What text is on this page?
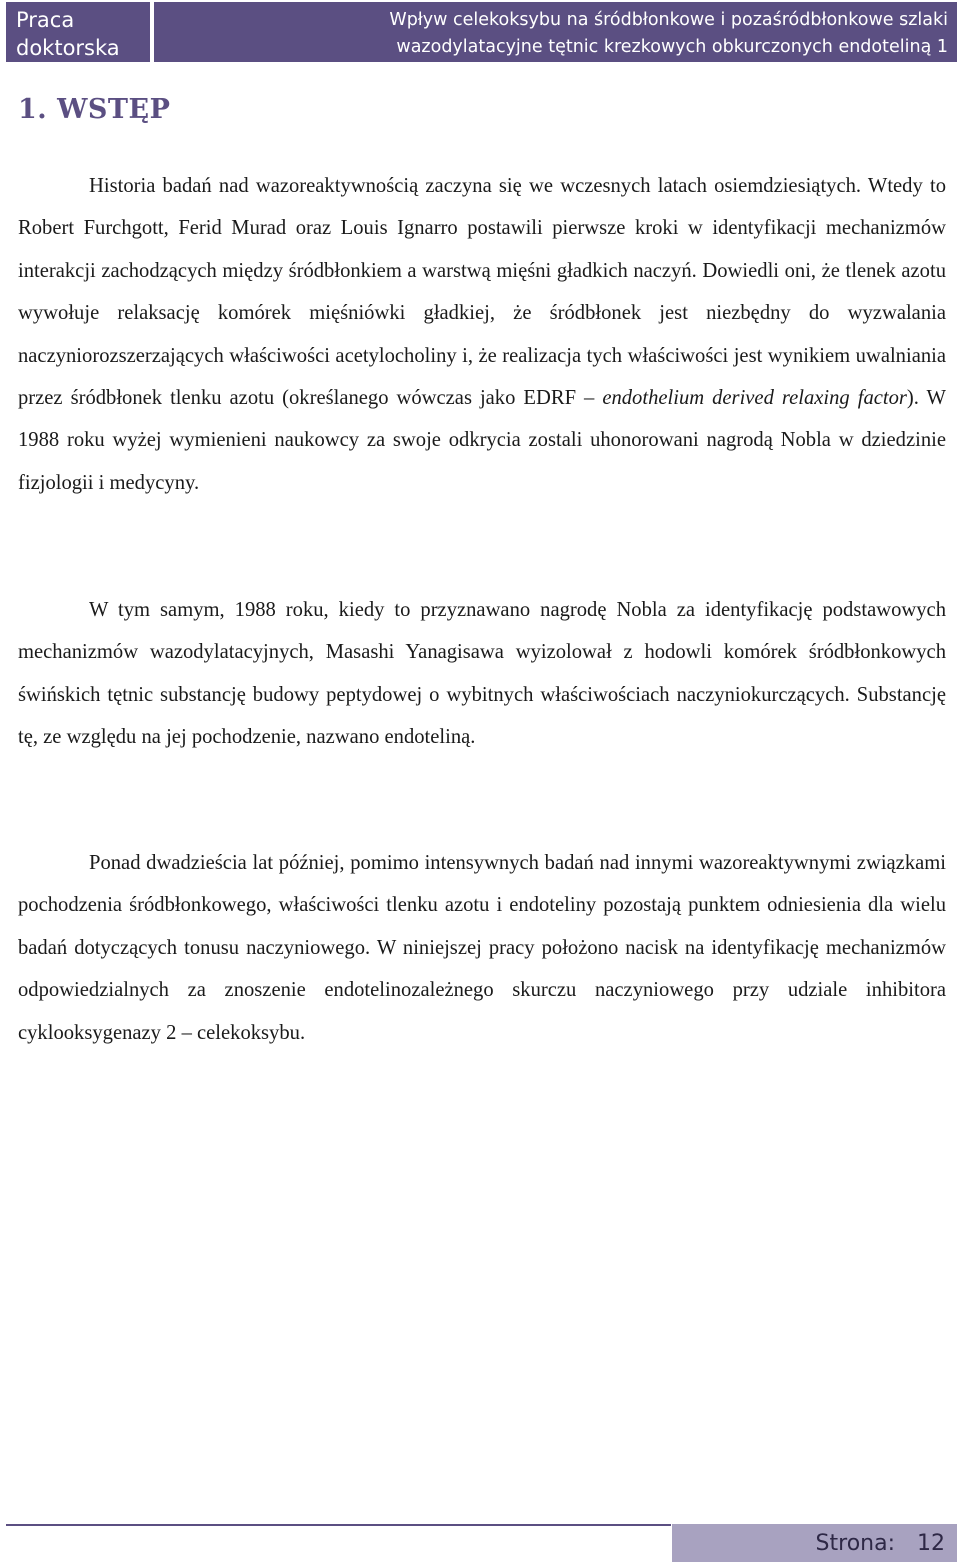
Praca
doktorska
Wpływ celekoksybu na śródbłonkowe i pozaśródbłonkowe szlaki
wazodylatacyjne tętnic krezkowych obkurczonych endoteliną 1
1. WSTĘP

Historia badań nad wazoreaktywnością zaczyna się we wczesnych latach osiemdziesiątych. Wtedy to Robert Furchgott, Ferid Murad oraz Louis Ignarro postawili pierwsze kroki w identyfikacji mechanizmów interakcji zachodzących między śródbłonkiem a warstwą mięśni gładkich naczyń. Dowiedli oni, że tlenek azotu wywołuje relaksację komórek mięśniówki gładkiej, że śródbłonek jest niezbędny do wyzwalania naczyniorozszerzających właściwości acetylocholiny i, że realizacja tych właściwości jest wynikiem uwalniania przez śródbłonek tlenku azotu (określanego wówczas jako EDRF – endothelium derived relaxing factor). W 1988 roku wyżej wymienieni naukowcy za swoje odkrycia zostali uhonorowani nagrodą Nobla w dziedzinie fizjologii i medycyny.

W tym samym, 1988 roku, kiedy to przyznawano nagrodę Nobla za identyfikację podstawowych mechanizmów wazodylatacyjnych, Masashi Yanagisawa wyizolował z hodowli komórek śródbłonkowych świńskich tętnic substancję budowy peptydowej o wybitnych właściwościach naczyniokurczących. Substancję tę, ze względu na jej pochodzenie, nazwano endoteliną.

Ponad dwadzieścia lat później, pomimo intensywnych badań nad innymi wazoreaktywnymi związkami pochodzenia śródbłonkowego, właściwości tlenku azotu i endoteliny pozostają punktem odniesienia dla wielu badań dotyczących tonusu naczyniowego. W niniejszej pracy położono nacisk na identyfikację mechanizmów odpowiedzialnych za znoszenie endotelinozależnego skurczu naczyniowego przy udziale inhibitora cyklooksygenazy 2 – celekoksybu.

Strona: 12
